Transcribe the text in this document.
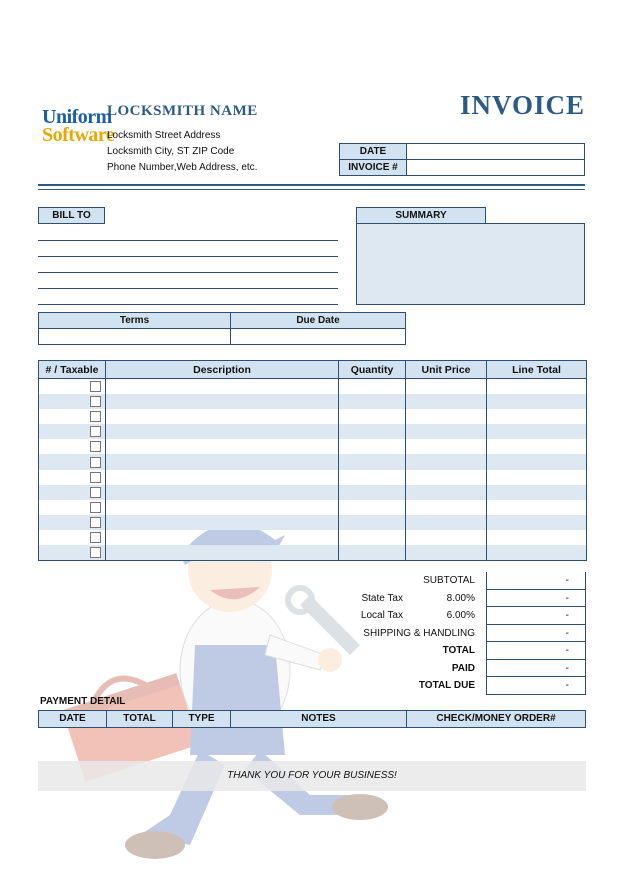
Uniform
Software
LOCKSMITH NAME
Locksmith Street Address
Locksmith City, ST ZIP Code
Phone Number,Web Address, etc.
INVOICE
DATE
INVOICE #
BILL TO	SUMMARY
Terms	Due Date
# / Taxable	Description	Quantity	Unit Price	Line Total

SUBTOTAL	-
State Tax	8.00%	-
Local Tax	6.00%	-
SHIPPING & HANDLING	-
TOTAL	-
PAID	-
TOTAL DUE	-
PAYMENT DETAIL
DATE	TOTAL	TYPE	NOTES	CHECK/MONEY ORDER#
THANK YOU FOR YOUR BUSINESS!
